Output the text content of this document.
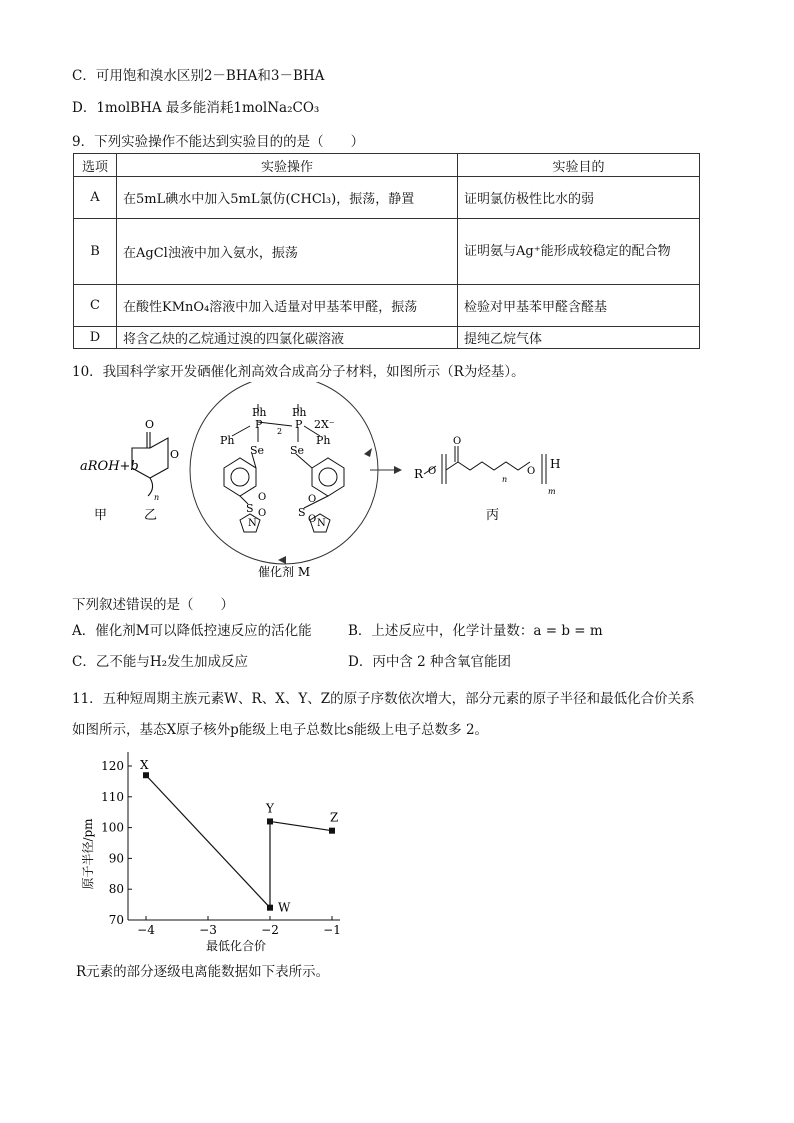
C．可用饱和溴水区别2－BHA和3－BHA
D．1molBHA 最多能消耗1molNa₂CO₃
9．下列实验操作不能达到实验目的的是（　　）
选项	实验操作	实验目的
A	在5mL碘水中加入5mL氯仿(CHCl₃)，振荡，静置	证明氯仿极性比水的弱
B	在AgCl浊液中加入氨水，振荡	证明氨与Ag⁺能形成较稳定的配合物
C	在酸性KMnO₄溶液中加入适量对甲基苯甲醛，振荡	检验对甲基苯甲醛含醛基
D	将含乙炔的乙烷通过溴的四氯化碳溶液	提纯乙烷气体
10．我国科学家开发硒催化剂高效合成高分子材料，如图所示（R为烃基）。
aROH+b
O
O
n
甲	乙
Ph Ph
2X⁻
P	P
2
Ph	Ph
Se Se
S	S
O
O
O
O
N	N
催化剂 M
R O
O
O
n
m
H
丙
下列叙述错误的是（　　）
A．催化剂M可以降低控速反应的活化能	B．上述反应中，化学计量数：a = b = m
C．乙不能与H₂发生加成反应	D．丙中含 2 种含氧官能团
11．五种短周期主族元素W、R、X、Y、Z的原子序数依次增大，部分元素的原子半径和最低化合价关系
如图所示，基态X原子核外p能级上电子总数比s能级上电子总数多 2。
−4	−3	−2	−1
70
80
90
100
110
120 X
W
Y
Z
最低化合价
原子半径/pm
R元素的部分逐级电离能数据如下表所示。
